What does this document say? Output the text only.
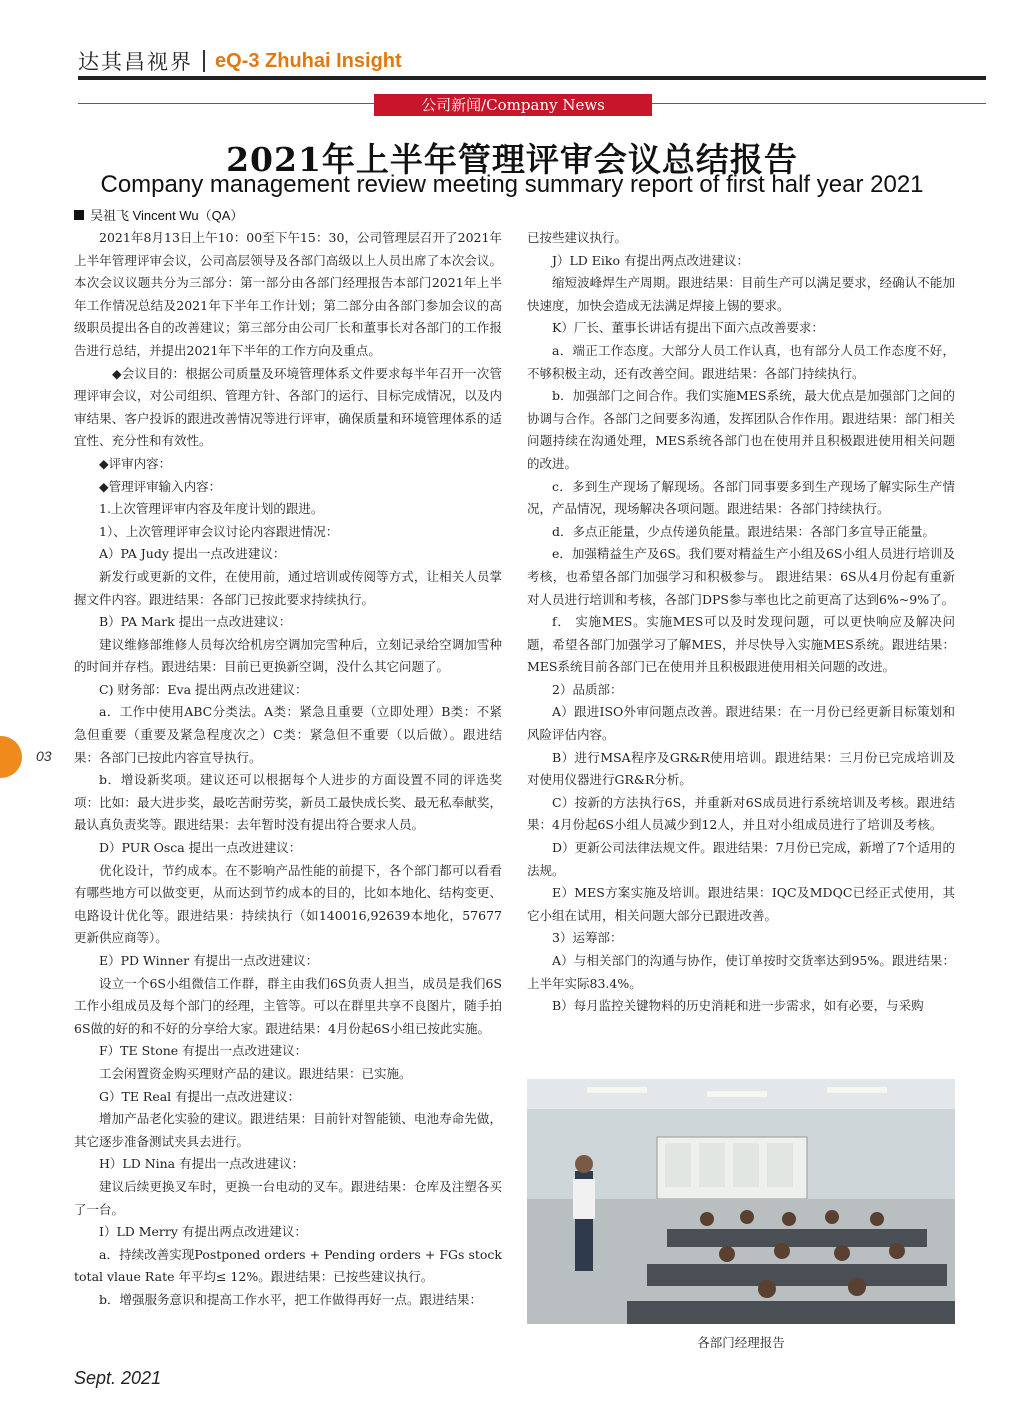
达其昌视界 eQ-3 Zhuhai Insight
公司新闻/Company News
2021年上半年管理评审会议总结报告
Company management review meeting summary report of first half year 2021
吴祖飞 Vincent Wu（QA）

2021年8月13日上午10：00至下午15：30，公司管理层召开了2021年上半年管理评审会议，公司高层领导及各部门高级以上人员出席了本次会议。本次会议议题共分为三部分：第一部分由各部门经理报告本部门2021年上半年工作情况总结及2021年下半年工作计划；第二部分由各部门参加会议的高级职员提出各自的改善建议；第三部分由公司厂长和董事长对各部门的工作报告进行总结，并提出2021年下半年的工作方向及重点。

◆会议目的：根据公司质量及环境管理体系文件要求每半年召开一次管理评审会议，对公司组织、管理方针、各部门的运行、目标完成情况，以及内审结果、客户投诉的跟进改善情况等进行评审，确保质量和环境管理体系的适宜性、充分性和有效性。

◆评审内容：

◆管理评审输入内容：

1.上次管理评审内容及年度计划的跟进。

1）、上次管理评审会议讨论内容跟进情况：

A）PA Judy 提出一点改进建议：

新发行或更新的文件，在使用前，通过培训或传阅等方式，让相关人员掌握文件内容。跟进结果：各部门已按此要求持续执行。

B）PA Mark 提出一点改进建议：

建议维修部维修人员每次给机房空调加完雪种后，立刻记录给空调加雪种的时间并存档。跟进结果：目前已更换新空调，没什么其它问题了。

C) 财务部：Eva 提出两点改进建议：

a．工作中使用ABC分类法。A类：紧急且重要（立即处理）B类：不紧急但重要（重要及紧急程度次之）C类：紧急但不重要（以后做）。跟进结果：各部门已按此内容宣导执行。

b．增设新奖项。建议还可以根据每个人进步的方面设置不同的评选奖项：比如：最大进步奖，最吃苦耐劳奖，新员工最快成长奖、最无私奉献奖，最认真负责奖等。跟进结果：去年暂时没有提出符合要求人员。

D）PUR Osca 提出一点改进建议：

优化设计，节约成本。在不影响产品性能的前提下，各个部门都可以看看有哪些地方可以做变更，从而达到节约成本的目的，比如本地化、结构变更、电路设计优化等。跟进结果：持续执行（如140016,92639本地化，57677更新供应商等）。

E）PD Winner 有提出一点改进建议：

设立一个6S小组微信工作群，群主由我们6S负责人担当，成员是我们6S工作小组成员及每个部门的经理，主管等。可以在群里共享不良图片，随手拍6S做的好的和不好的分享给大家。跟进结果：4月份起6S小组已按此实施。

F）TE Stone 有提出一点改进建议：

工会闲置资金购买理财产品的建议。跟进结果：已实施。

G）TE Real 有提出一点改进建议：

增加产品老化实验的建议。跟进结果：目前针对智能锁、电池寿命先做，其它逐步准备测试夹具去进行。

H）LD Nina 有提出一点改进建议：

建议后续更换叉车时，更换一台电动的叉车。跟进结果：仓库及注塑各买了一台。

I）LD Merry 有提出两点改进建议：

a．持续改善实现Postponed orders + Pending orders + FGs stock total vlaue Rate 年平均≤ 12%。跟进结果：已按些建议执行。

b．增强服务意识和提高工作水平，把工作做得再好一点。跟进结果：

已按些建议执行。

J）LD Eiko 有提出两点改进建议：

缩短波峰焊生产周期。跟进结果：目前生产可以满足要求，经确认不能加快速度，加快会造成无法满足焊接上锡的要求。

K）厂长、董事长讲话有提出下面六点改善要求：

a．端正工作态度。大部分人员工作认真，也有部分人员工作态度不好，不够积极主动，还有改善空间。跟进结果：各部门持续执行。

b．加强部门之间合作。我们实施MES系统，最大优点是加强部门之间的协调与合作。各部门之间要多沟通，发挥团队合作作用。跟进结果：部门相关问题持续在沟通处理，MES系统各部门也在使用并且积极跟进使用相关问题的改进。

c．多到生产现场了解现场。各部门同事要多到生产现场了解实际生产情况，产品情况，现场解决各项问题。跟进结果：各部门持续执行。

d．多点正能量，少点传递负能量。跟进结果：各部门多宣导正能量。

e．加强精益生产及6S。我们要对精益生产小组及6S小组人员进行培训及考核，也希望各部门加强学习和积极参与。 跟进结果：6S从4月份起有重新对人员进行培训和考核，各部门DPS参与率也比之前更高了达到6%~9%了。

f． 实施MES。实施MES可以及时发现问题，可以更快响应及解决问题，希望各部门加强学习了解MES，并尽快导入实施MES系统。跟进结果：MES系统目前各部门已在使用并且积极跟进使用相关问题的改进。

2）品质部：

A）跟进ISO外审问题点改善。跟进结果：在一月份已经更新目标策划和风险评估内容。

B）进行MSA程序及GR&R使用培训。跟进结果：三月份已完成培训及对使用仪器进行GR&R分析。

C）按新的方法执行6S，并重新对6S成员进行系统培训及考核。跟进结果：4月份起6S小组人员减少到12人，并且对小组成员进行了培训及考核。

D）更新公司法律法规文件。跟进结果：7月份已完成，新增了7个适用的法规。

E）MES方案实施及培训。跟进结果：IQC及MDQC已经正式使用，其它小组在试用，相关问题大部分已跟进改善。

3）运筹部：

A）与相关部门的沟通与协作，使订单按时交货率达到95%。跟进结果：上半年实际83.4%。

B）每月监控关键物料的历史消耗和进一步需求，如有必要，与采购

各部门经理报告
03
Sept. 2021
